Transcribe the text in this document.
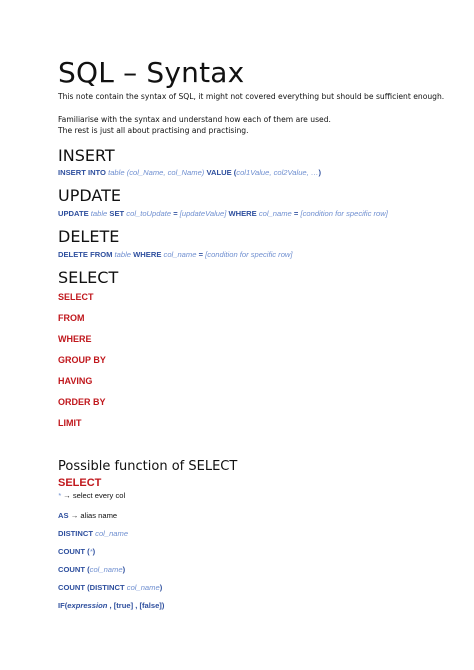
SQL – Syntax
This note contain the syntax of SQL, it might not covered everything but should be sufficient enough.
Familiarise with the syntax and understand how each of them are used.
The rest is just all about practising and practising.
INSERT
INSERT INTO table (col_Name, col_Name) VALUE (col1Value, col2Value, …)
UPDATE
UPDATE table SET col_toUpdate = [updateValue] WHERE col_name = [condition for specific row]
DELETE
DELETE FROM table WHERE col_name = [condition for specific row]
SELECT
SELECT
FROM
WHERE
GROUP BY
HAVING
ORDER BY
LIMIT
Possible function of SELECT
SELECT
* → select every col
AS → alias name
DISTINCT col_name
COUNT (*)
COUNT (col_name)
COUNT (DISTINCT col_name)
IF(expression , [true] , [false])
